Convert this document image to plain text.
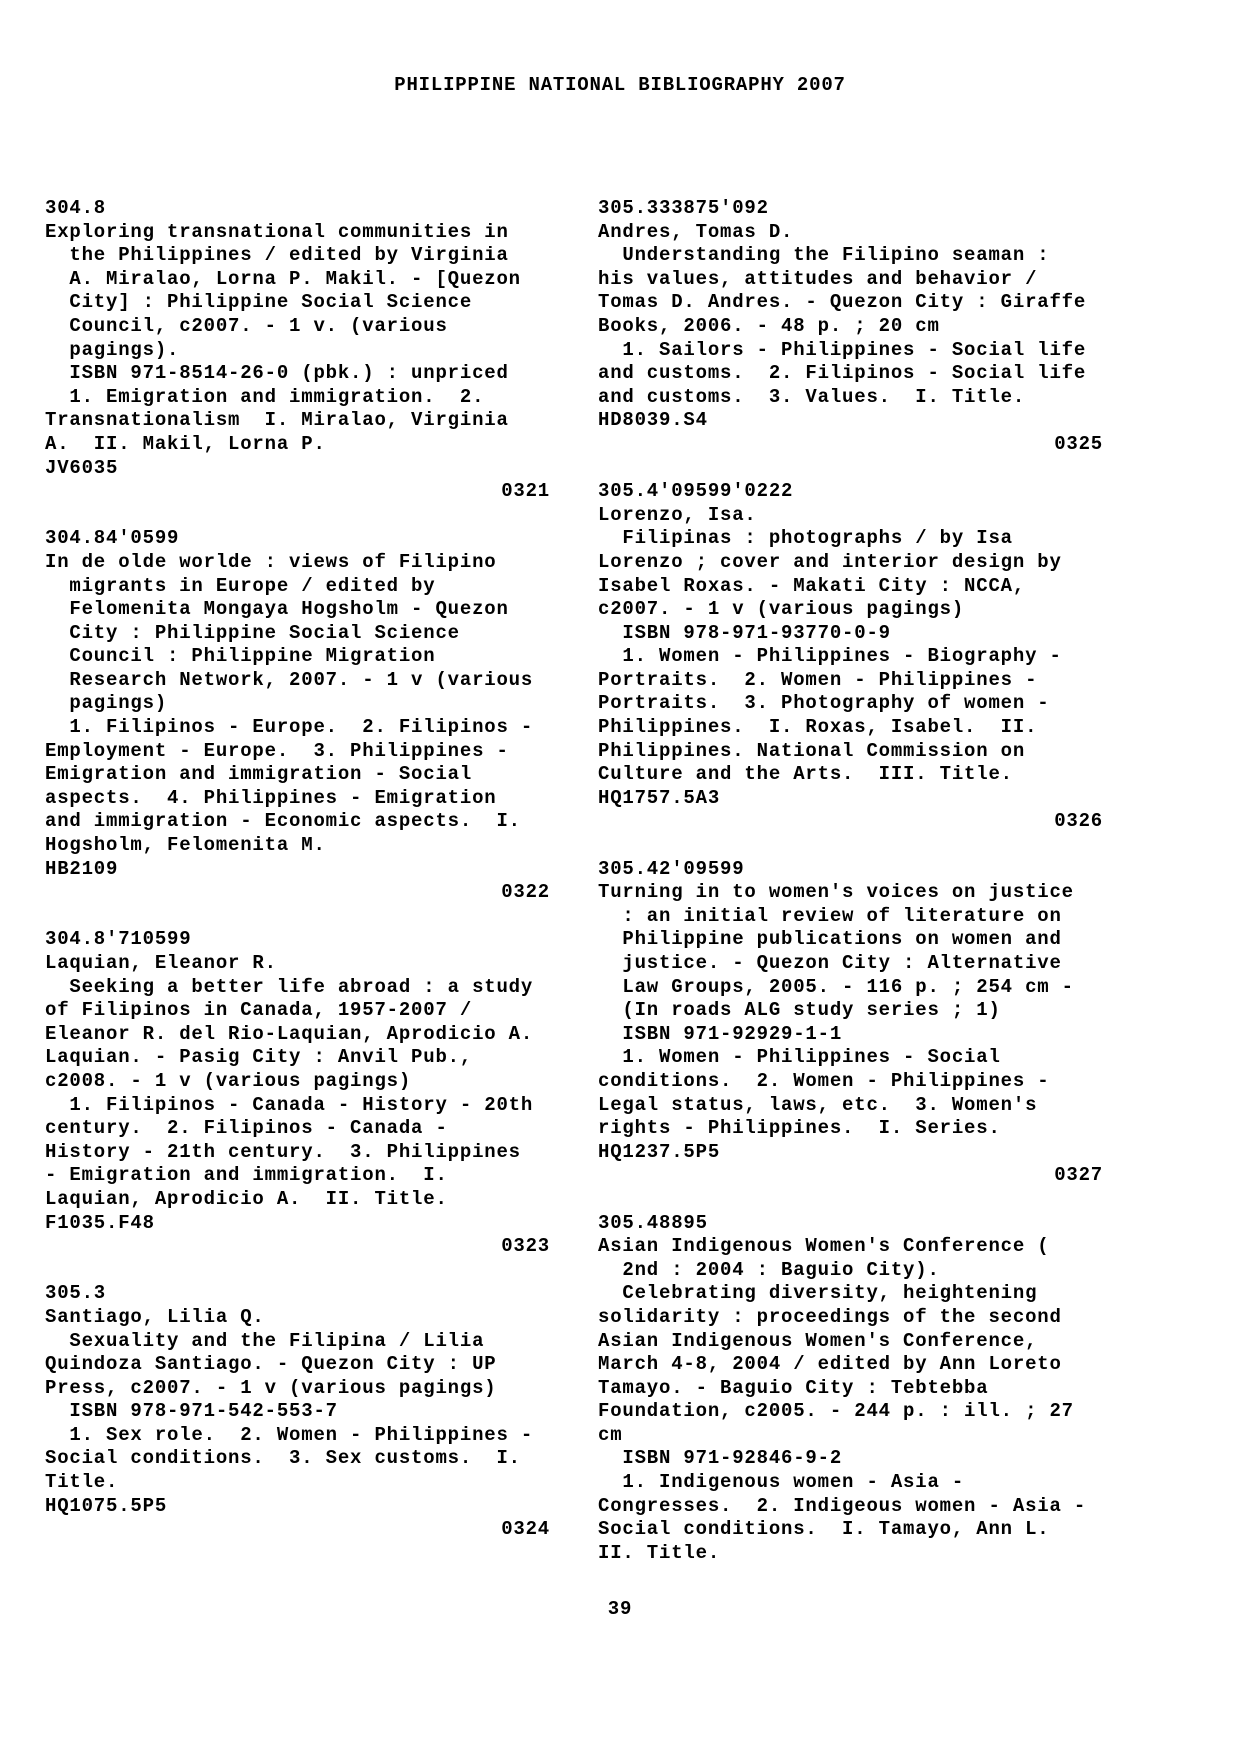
PHILIPPINE NATIONAL BIBLIOGRAPHY 2007
304.8
Exploring transnational communities in
the Philippines / edited by Virginia
A. Miralao, Lorna P. Makil. - [Quezon
City] : Philippine Social Science
Council, c2007. - 1 v. (various
pagings).
ISBN 971-8514-26-0 (pbk.) : unpriced
1. Emigration and immigration.  2.
Transnationalism  I. Miralao, Virginia
A.  II. Makil, Lorna P.
JV6035
0321
304.84'0599
In de olde worlde : views of Filipino
migrants in Europe / edited by
Felomenita Mongaya Hogsholm - Quezon
City : Philippine Social Science
Council : Philippine Migration
Research Network, 2007. - 1 v (various
pagings)
1. Filipinos - Europe.  2. Filipinos -
Employment - Europe.  3. Philippines -
Emigration and immigration - Social
aspects.  4. Philippines - Emigration
and immigration - Economic aspects.  I.
Hogsholm, Felomenita M.
HB2109
0322
304.8'710599
Laquian, Eleanor R.
Seeking a better life abroad : a study
of Filipinos in Canada, 1957-2007 /
Eleanor R. del Rio-Laquian, Aprodicio A.
Laquian. - Pasig City : Anvil Pub.,
c2008. - 1 v (various pagings)
1. Filipinos - Canada - History - 20th
century.  2. Filipinos - Canada -
History - 21th century.  3. Philippines
- Emigration and immigration.  I.
Laquian, Aprodicio A.  II. Title.
F1035.F48
0323
305.3
Santiago, Lilia Q.
Sexuality and the Filipina / Lilia
Quindoza Santiago. - Quezon City : UP
Press, c2007. - 1 v (various pagings)
ISBN 978-971-542-553-7
1. Sex role.  2. Women - Philippines -
Social conditions.  3. Sex customs.  I.
Title.
HQ1075.5P5
0324
305.333875'092
Andres, Tomas D.
Understanding the Filipino seaman :
his values, attitudes and behavior /
Tomas D. Andres. - Quezon City : Giraffe
Books, 2006. - 48 p. ; 20 cm
1. Sailors - Philippines - Social life
and customs.  2. Filipinos - Social life
and customs.  3. Values.  I. Title.
HD8039.S4
0325
305.4'09599'0222
Lorenzo, Isa.
Filipinas : photographs / by Isa
Lorenzo ; cover and interior design by
Isabel Roxas. - Makati City : NCCA,
c2007. - 1 v (various pagings)
ISBN 978-971-93770-0-9
1. Women - Philippines - Biography -
Portraits.  2. Women - Philippines -
Portraits.  3. Photography of women -
Philippines.  I. Roxas, Isabel.  II.
Philippines. National Commission on
Culture and the Arts.  III. Title.
HQ1757.5A3
0326
305.42'09599
Turning in to women's voices on justice
: an initial review of literature on
Philippine publications on women and
justice. - Quezon City : Alternative
Law Groups, 2005. - 116 p. ; 254 cm -
(In roads ALG study series ; 1)
ISBN 971-92929-1-1
1. Women - Philippines - Social
conditions.  2. Women - Philippines -
Legal status, laws, etc.  3. Women's
rights - Philippines.  I. Series.
HQ1237.5P5
0327
305.48895
Asian Indigenous Women's Conference (
2nd : 2004 : Baguio City).
Celebrating diversity, heightening
solidarity : proceedings of the second
Asian Indigenous Women's Conference,
March 4-8, 2004 / edited by Ann Loreto
Tamayo. - Baguio City : Tebtebba
Foundation, c2005. - 244 p. : ill. ; 27
cm
ISBN 971-92846-9-2
1. Indigenous women - Asia -
Congresses.  2. Indigeous women - Asia -
Social conditions.  I. Tamayo, Ann L.
II. Title.
39
